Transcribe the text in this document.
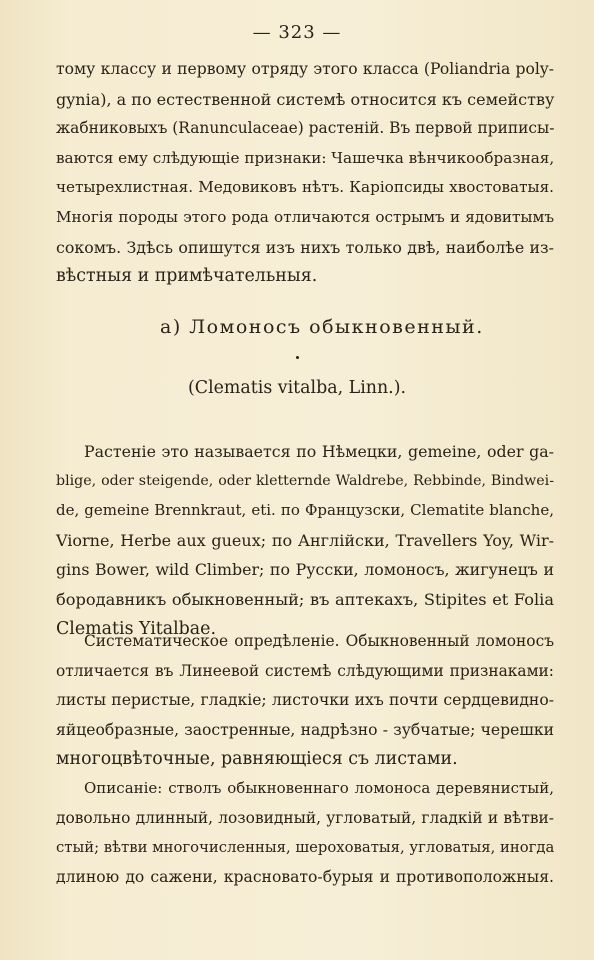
— 323 —
тому классу и первому отряду этого класса (Poliandria poly-
gynia), а по естественной системѣ относится къ семейству
жабниковыхъ (Ranunculaceae) растеній. Въ первой приписы-
ваются ему слѣдующіе признаки: Чашечка вѣнчикообразная,
четырехлистная. Медовиковъ нѣтъ. Каріопсиды хвостоватыя.
Многія породы этого рода отличаются острымъ и ядовитымъ
сокомъ. Здѣсь опишутся изъ нихъ только двѣ, наиболѣе из-
вѣстныя и примѣчательныя.
а) Ломоносъ обыкновенный.
(Clematis vitalba, Linn.).
Растеніе это называется по Нѣмецки, gemeine, oder ga-
blige, oder steigende, oder kletternde Waldrebe, Rebbinde, Bindwei-
de, gemeine Brennkraut, eti. по Французски, Clematite blanche,
Viorne, Herbe aux gueux; по Англійски, Travellers Yoy, Wir-
gins Bower, wild Climber; по Русски, ломоносъ, жигунецъ и
бородавникъ обыкновенный; въ аптекахъ, Stipites et Folia
Clematis Yitalbae.
Систематическое опредѣленіе. Обыкновенный ломоносъ
отличается въ Линеевой системѣ слѣдующими признаками:
листы перистые, гладкіе; листочки ихъ почти сердцевидно-
яйцеобразные, заостренные, надрѣзно - зубчатые; черешки
многоцвѣточные, равняющіеся съ листами.
Описаніе: стволъ обыкновеннаго ломоноса деревянистый,
довольно длинный, лозовидный, угловатый, гладкій и вѣтви-
стый; вѣтви многочисленныя, шероховатыя, угловатыя, иногда
длиною до сажени, красновато-бурыя и противоположныя.
